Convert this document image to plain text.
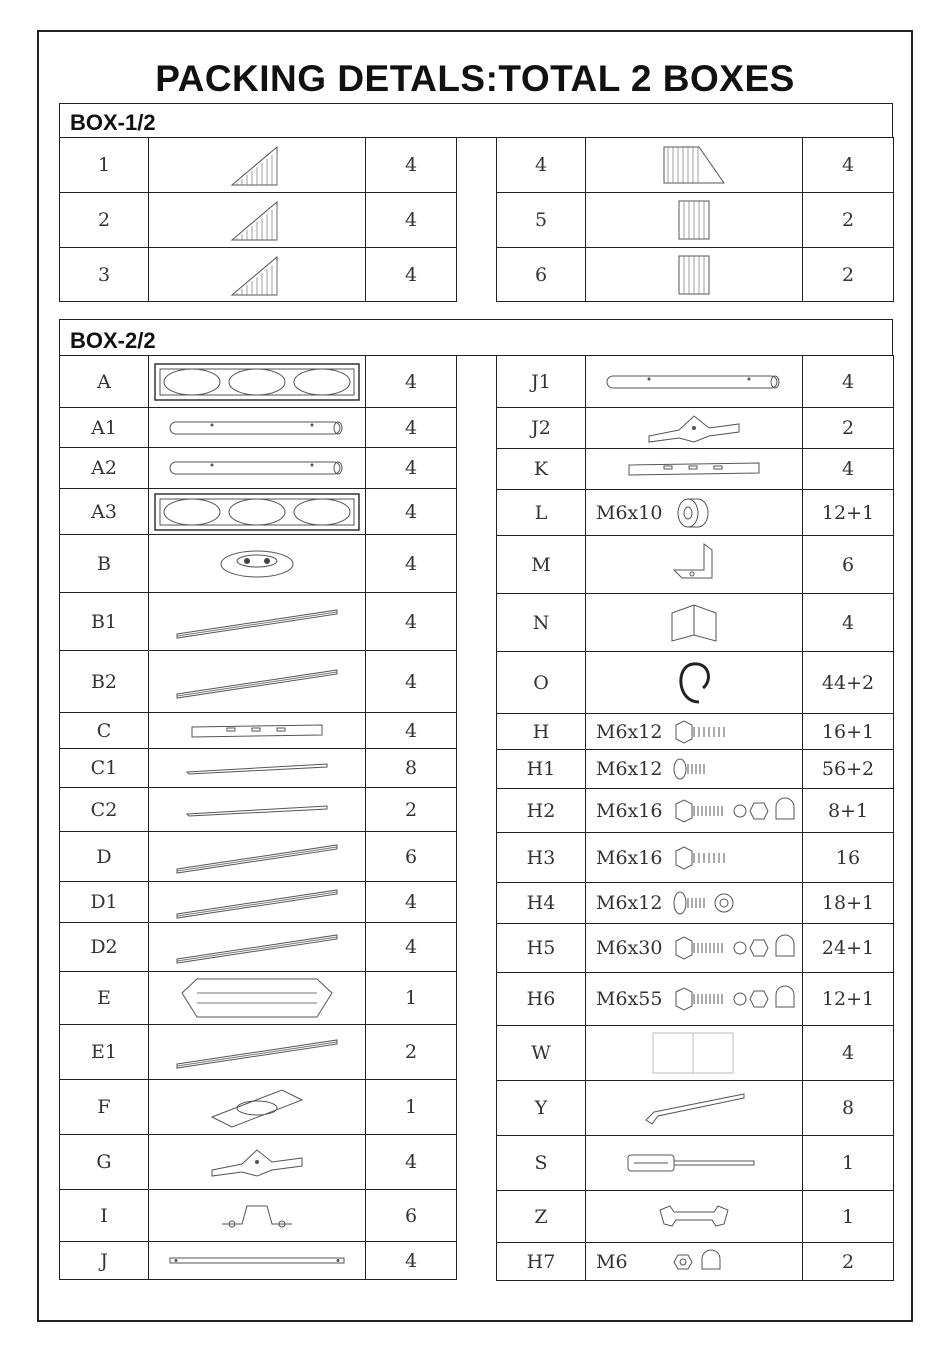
PACKING DETALS:TOTAL 2 BOXES
BOX-1/2
1		4
2		4
3		4
4		4
5		2
6		2
BOX-2/2
A		4
A1		4
A2		4
A3		4
B		4
B1		4
B2		4
C		4
C1		8
C2		2
D		6
D1		4
D2		4
E		1
E1		2
F		1
G		4
I		6
J		4
J1		4
J2		2
K		4
L	M6x10	12+1
M		6
N		4
O		44+2
H	M6x12	16+1
H1	M6x12	56+2
H2	M6x16	8+1
H3	M6x16	16
H4	M6x12	18+1
H5	M6x30	24+1
H6	M6x55	12+1
W		4
Y		8
S		1
Z		1
H7	M6	2
